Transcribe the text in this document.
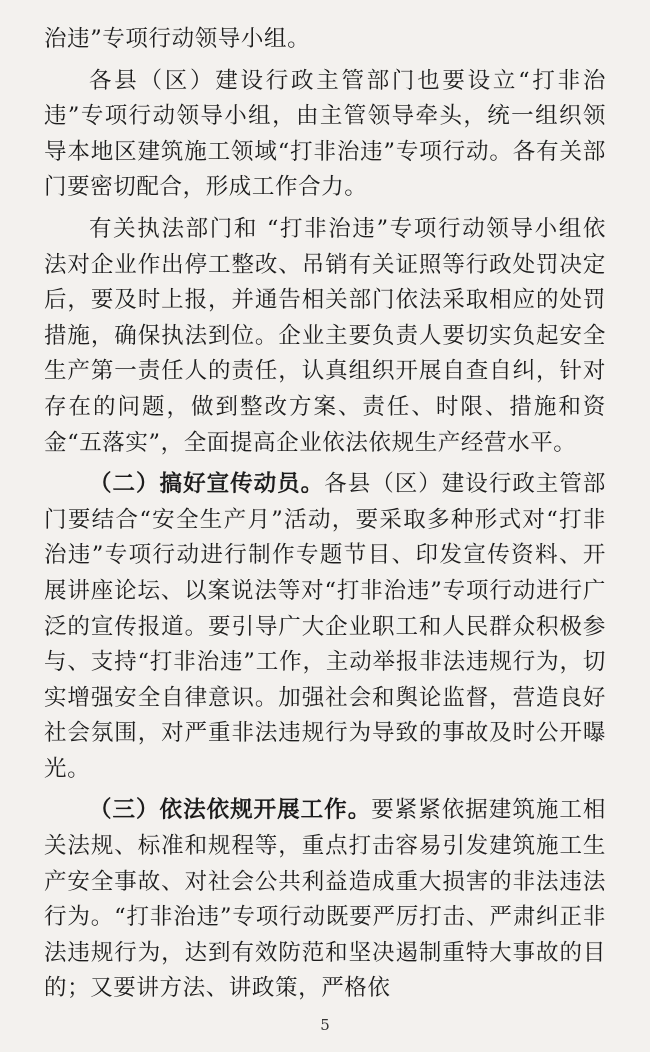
治违”专项行动领导小组。

各县（区）建设行政主管部门也要设立“打非治违”专项行动领导小组，由主管领导牵头，统一组织领导本地区建筑施工领域“打非治违”专项行动。各有关部门要密切配合，形成工作合力。

有关执法部门和 “打非治违”专项行动领导小组依法对企业作出停工整改、吊销有关证照等行政处罚决定后，要及时上报，并通告相关部门依法采取相应的处罚措施，确保执法到位。企业主要负责人要切实负起安全生产第一责任人的责任，认真组织开展自查自纠，针对存在的问题，做到整改方案、责任、时限、措施和资金“五落实”，全面提高企业依法依规生产经营水平。

（二）搞好宣传动员。各县（区）建设行政主管部门要结合“安全生产月”活动，要采取多种形式对“打非治违”专项行动进行制作专题节目、印发宣传资料、开展讲座论坛、以案说法等对“打非治违”专项行动进行广泛的宣传报道。要引导广大企业职工和人民群众积极参与、支持“打非治违”工作，主动举报非法违规行为，切实增强安全自律意识。加强社会和舆论监督，营造良好社会氛围，对严重非法违规行为导致的事故及时公开曝光。

（三）依法依规开展工作。要紧紧依据建筑施工相关法规、标准和规程等，重点打击容易引发建筑施工生产安全事故、对社会公共利益造成重大损害的非法违法行为。“打非治违”专项行动既要严厉打击、严肃纠正非法违规行为，达到有效防范和坚决遏制重特大事故的目的；又要讲方法、讲政策，严格依

5
